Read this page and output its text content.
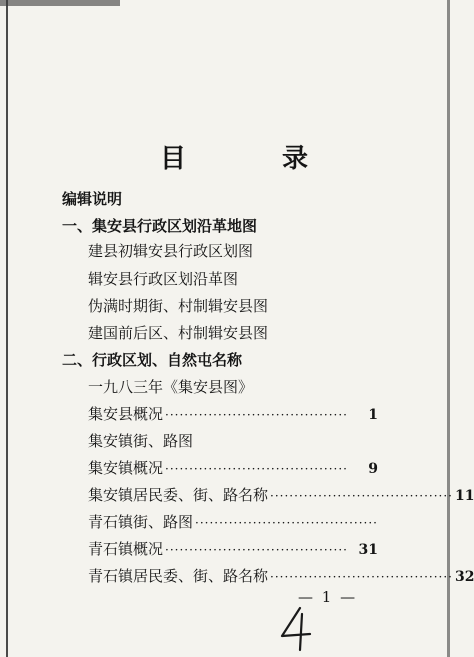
目	录
编辑说明
一、集安县行政区划沿革地图
建县初辑安县行政区划图
辑安县行政区划沿革图
伪满时期街、村制辑安县图
建国前后区、村制辑安县图
二、行政区划、自然屯名称
一九八三年《集安县图》
集安县概况 ······································	1
集安镇街、路图
集安镇概况 ······································	9
集安镇居民委、街、路名称 ······································ 11
青石镇街、路图 ······································
青石镇概况 ······································ 31
青石镇居民委、街、路名称 ······································ 32
— 1 —
